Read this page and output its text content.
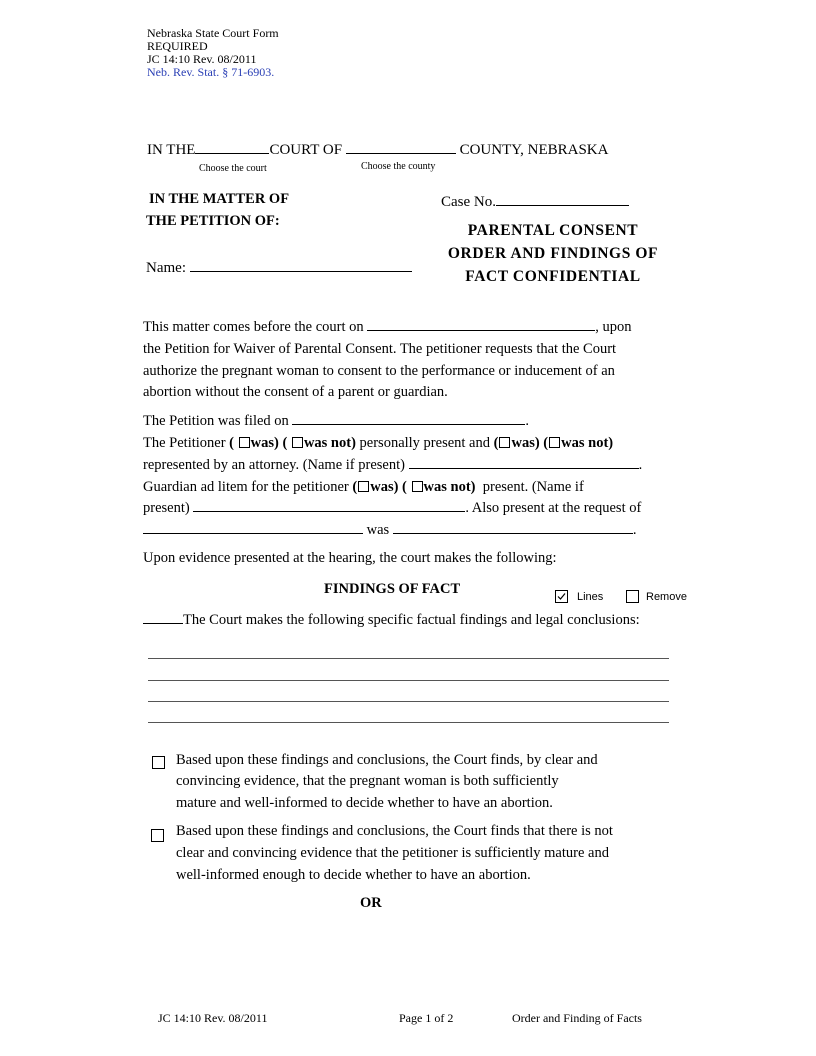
Nebraska State Court Form
REQUIRED
JC 14:10 Rev. 08/2011
Neb. Rev. Stat. § 71-6903.
IN THE	COURT OF	COUNTY, NEBRASKA
Choose the court	Choose the county
IN THE MATTER OF
THE PETITION OF:
Name:
Case No.
PARENTAL CONSENT
ORDER AND FINDINGS OF
FACT CONFIDENTIAL
This matter comes before the court on	, upon
the Petition for Waiver of Parental Consent. The petitioner requests that the Court
authorize the pregnant woman to consent to the performance or inducement of an
abortion without the consent of a parent or guardian.
The Petition was filed on	.
The Petitioner ( was) ( was not) personally present and ( was) ( was not)
represented by an attorney. (Name if present)	.
Guardian ad litem for the petitioner ( was) ( was not) present. (Name if
present)	. Also present at the request of
was	.
Upon evidence presented at the hearing, the court makes the following:
FINDINGS OF FACT	Lines	Remove
The Court makes the following specific factual findings and legal conclusions:
Based upon these findings and conclusions, the Court finds, by clear and
convincing evidence, that the pregnant woman is both sufficiently
mature and well-informed to decide whether to have an abortion.
Based upon these findings and conclusions, the Court finds that there is not
clear and convincing evidence that the petitioner is sufficiently mature and
well-informed enough to decide whether to have an abortion.
OR
JC 14:10 Rev. 08/2011	Page 1 of 2	Order and Finding of Facts
